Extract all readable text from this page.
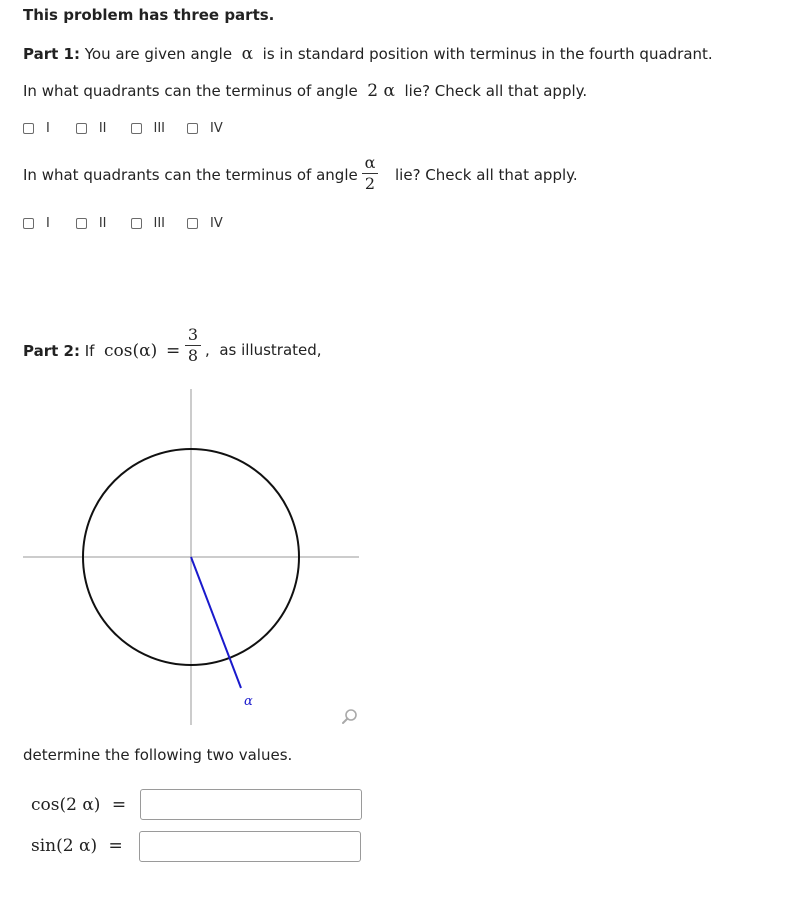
This problem has three parts.
Part 1: You are given angle α is in standard position with terminus in the fourth quadrant.
In what quadrants can the terminus of angle 2 α lie? Check all that apply.
I	II	III	IV
In what quadrants can the terminus of angle
α
2 lie? Check all that apply.
I	II	III	IV
Part 2: If cos(α) =
3
8 , as illustrated,
α
determine the following two values.
cos(2 α) =
sin(2 α) =
